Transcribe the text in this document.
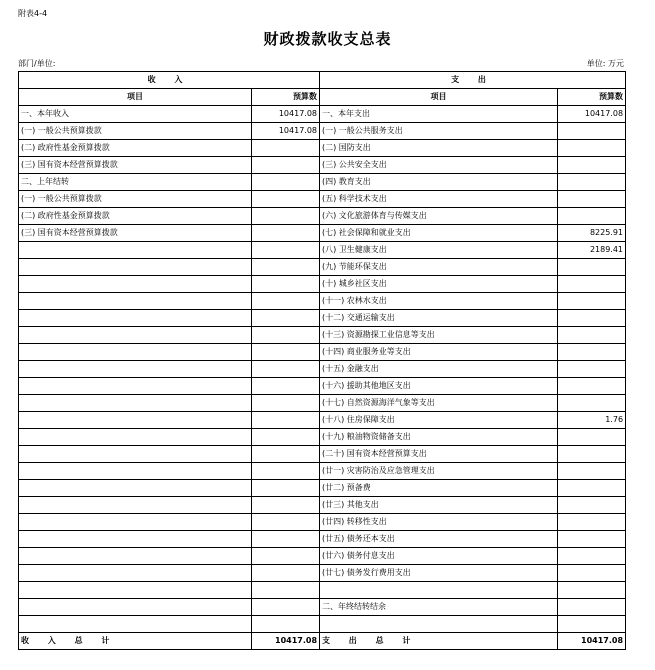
附表4-4
财政拨款收支总表
部门/单位:	单位: 万元
收 入		支 出	
项目	预算数	项目	预算数
一、本年收入	10417.08	一、本年支出	10417.08
(一) 一般公共预算拨款	10417.08	(一) 一般公共服务支出	
(二) 政府性基金预算拨款		(二) 国防支出	
(三) 国有资本经营预算拨款		(三) 公共安全支出	
二、上年结转		(四) 教育支出	
(一) 一般公共预算拨款		(五) 科学技术支出	
(二) 政府性基金预算拨款		(六) 文化旅游体育与传媒支出	
(三) 国有资本经营预算拨款		(七) 社会保障和就业支出	8225.91
		(八) 卫生健康支出	2189.41
		(九) 节能环保支出	
		(十) 城乡社区支出	
		(十一) 农林水支出	
		(十二) 交通运输支出	
		(十三) 资源勘探工业信息等支出	
		(十四) 商业服务业等支出	
		(十五) 金融支出	
		(十六) 援助其他地区支出	
		(十七) 自然资源海洋气象等支出	
		(十八) 住房保障支出	1.76
		(十九) 粮油物资储备支出	
		(二十) 国有资本经营预算支出	
		(廿一) 灾害防治及应急管理支出	
		(廿二) 预备费	
		(廿三) 其他支出	
		(廿四) 转移性支出	
		(廿五) 债务还本支出	
		(廿六) 债务付息支出	
		(廿七) 债务发行费用支出	

		二、年终结转结余	

收 入 总 计	10417.08	支 出 总 计	10417.08
